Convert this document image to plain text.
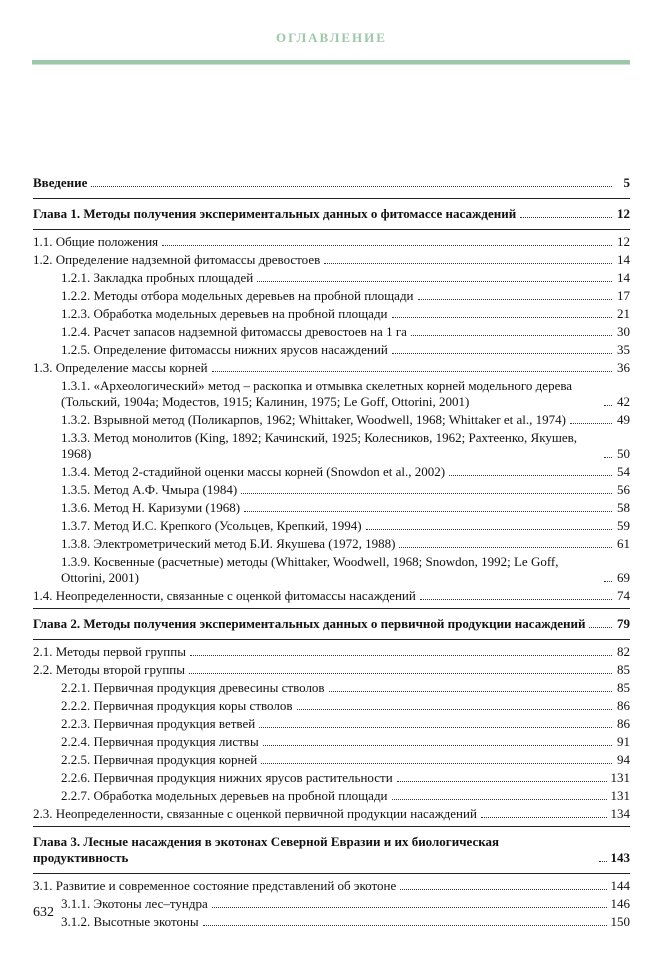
ОГЛАВЛЕНИЕ
Введение	5
Глава 1. Методы получения экспериментальных данных о фитомассе насаждений	12
1.1. Общие положения	12
1.2. Определение надземной фитомассы древостоев	14
1.2.1. Закладка пробных площадей	14
1.2.2. Методы отбора модельных деревьев на пробной площади	17
1.2.3. Обработка модельных деревьев на пробной площади	21
1.2.4. Расчет запасов надземной фитомассы древостоев на 1 га	30
1.2.5. Определение фитомассы нижних ярусов насаждений	35
1.3. Определение массы корней	36
1.3.1. «Археологический» метод – раскопка и отмывка скелетных корней модельного дерева (Тольский, 1904а; Модестов, 1915; Калинин, 1975; Le Goff, Ottorini, 2001)	42
1.3.2. Взрывной метод (Поликарпов, 1962; Whittaker, Woodwell, 1968; Whittaker et al., 1974)	49
1.3.3. Метод монолитов (King, 1892; Качинский, 1925; Колесников, 1962; Рахтеенко, Якушев, 1968)	50
1.3.4. Метод 2-стадийной оценки массы корней (Snowdon et al., 2002)	54
1.3.5. Метод А.Ф. Чмыра (1984)	56
1.3.6. Метод Н. Каризуми (1968)	58
1.3.7. Метод И.С. Крепкого (Усольцев, Крепкий, 1994)	59
1.3.8. Электрометрический метод Б.И. Якушева (1972, 1988)	61
1.3.9. Косвенные (расчетные) методы (Whittaker, Woodwell, 1968; Snowdon, 1992; Le Goff, Ottorini, 2001)	69
1.4. Неопределенности, связанные с оценкой фитомассы насаждений	74
Глава 2. Методы получения экспериментальных данных о первичной продукции насаждений 79
2.1. Методы первой группы	82
2.2. Методы второй группы	85
2.2.1. Первичная продукция древесины стволов	85
2.2.2. Первичная продукция коры стволов	86
2.2.3. Первичная продукция ветвей	86
2.2.4. Первичная продукция листвы	91
2.2.5. Первичная продукция корней	94
2.2.6. Первичная продукция нижних ярусов растительности	131
2.2.7. Обработка модельных деревьев на пробной площади	131
2.3. Неопределенности, связанные с оценкой первичной продукции насаждений	134
Глава 3. Лесные насаждения в экотонах Северной Евразии и их биологическая продуктивность	143
3.1. Развитие и современное состояние представлений об экотоне	144
3.1.1. Экотоны лес–тундра	146
3.1.2. Высотные экотоны	150
632
